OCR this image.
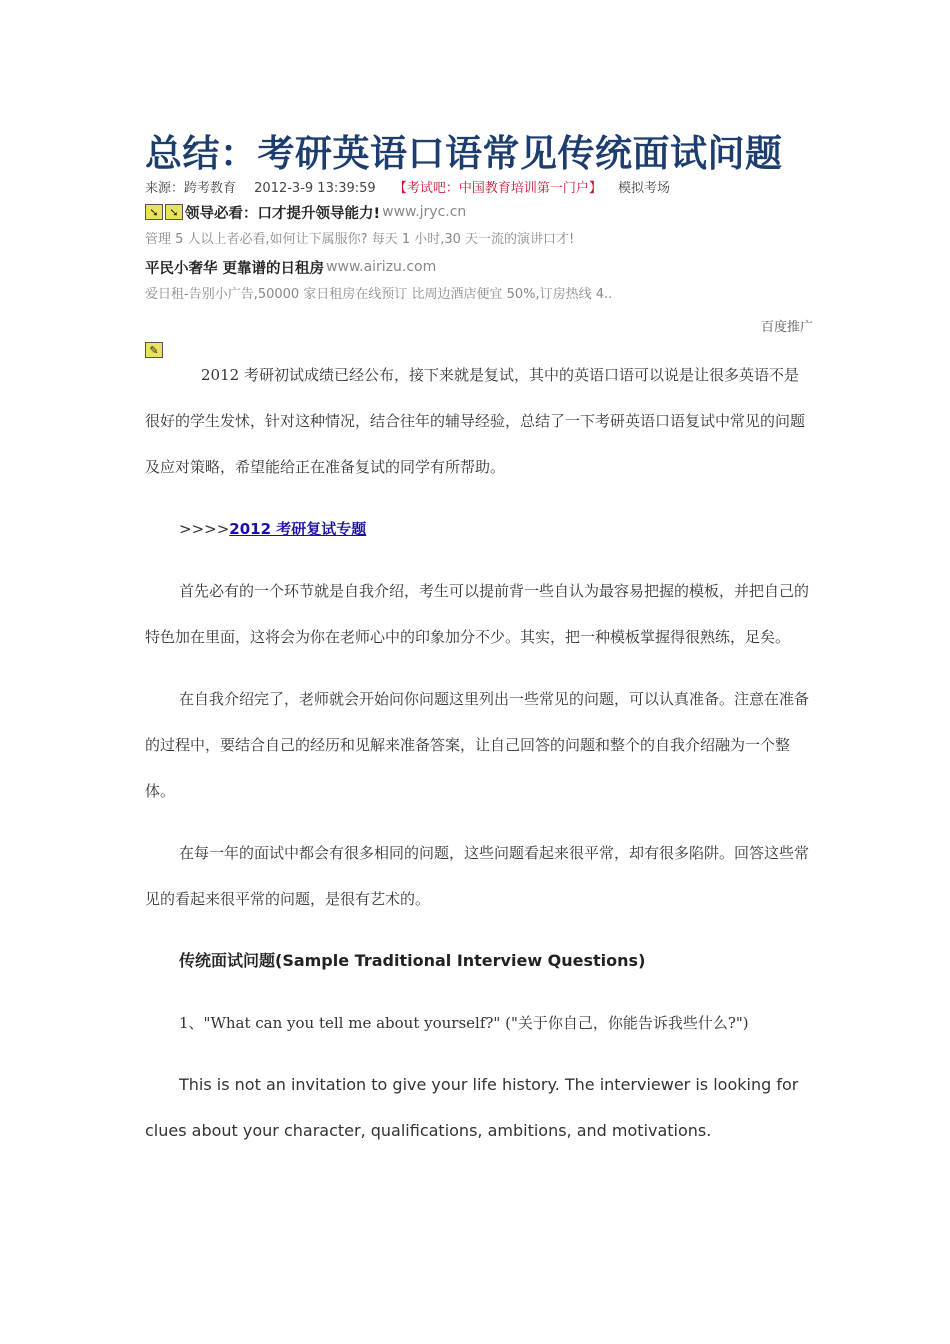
总结：考研英语口语常见传统面试问题
来源：跨考教育 2012-3-9 13:39:59 【考试吧：中国教育培训第一门户】 模拟考场
➘ ➘ 领导必看：口才提升领导能力! www.jryc.cn
管理 5 人以上者必看,如何让下属服你? 每天 1 小时,30 天一流的演讲口才!
平民小奢华 更靠谱的日租房 www.airizu.com
爱日租-告别小广告,50000 家日租房在线预订 比周边酒店便宜 50%,订房热线 4..
百度推广
✎

2012 考研初试成绩已经公布，接下来就是复试，其中的英语口语可以说是让很多英语不是很好的学生发怵，针对这种情况，结合往年的辅导经验，总结了一下考研英语口语复试中常见的问题及应对策略，希望能给正在准备复试的同学有所帮助。

>>>>2012 考研复试专题

首先必有的一个环节就是自我介绍，考生可以提前背一些自认为最容易把握的模板，并把自己的特色加在里面，这将会为你在老师心中的印象加分不少。其实，把一种模板掌握得很熟练，足矣。

在自我介绍完了，老师就会开始问你问题这里列出一些常见的问题，可以认真准备。注意在准备的过程中，要结合自己的经历和见解来准备答案，让自己回答的问题和整个的自我介绍融为一个整体。

在每一年的面试中都会有很多相同的问题，这些问题看起来很平常，却有很多陷阱。回答这些常见的看起来很平常的问题，是很有艺术的。

传统面试问题(Sample Traditional Interview Questions)

1、"What can you tell me about yourself?" ("关于你自己，你能告诉我些什么?")

This is not an invitation to give your life history. The interviewer is looking for clues about your character, qualifications, ambitions, and motivations.
